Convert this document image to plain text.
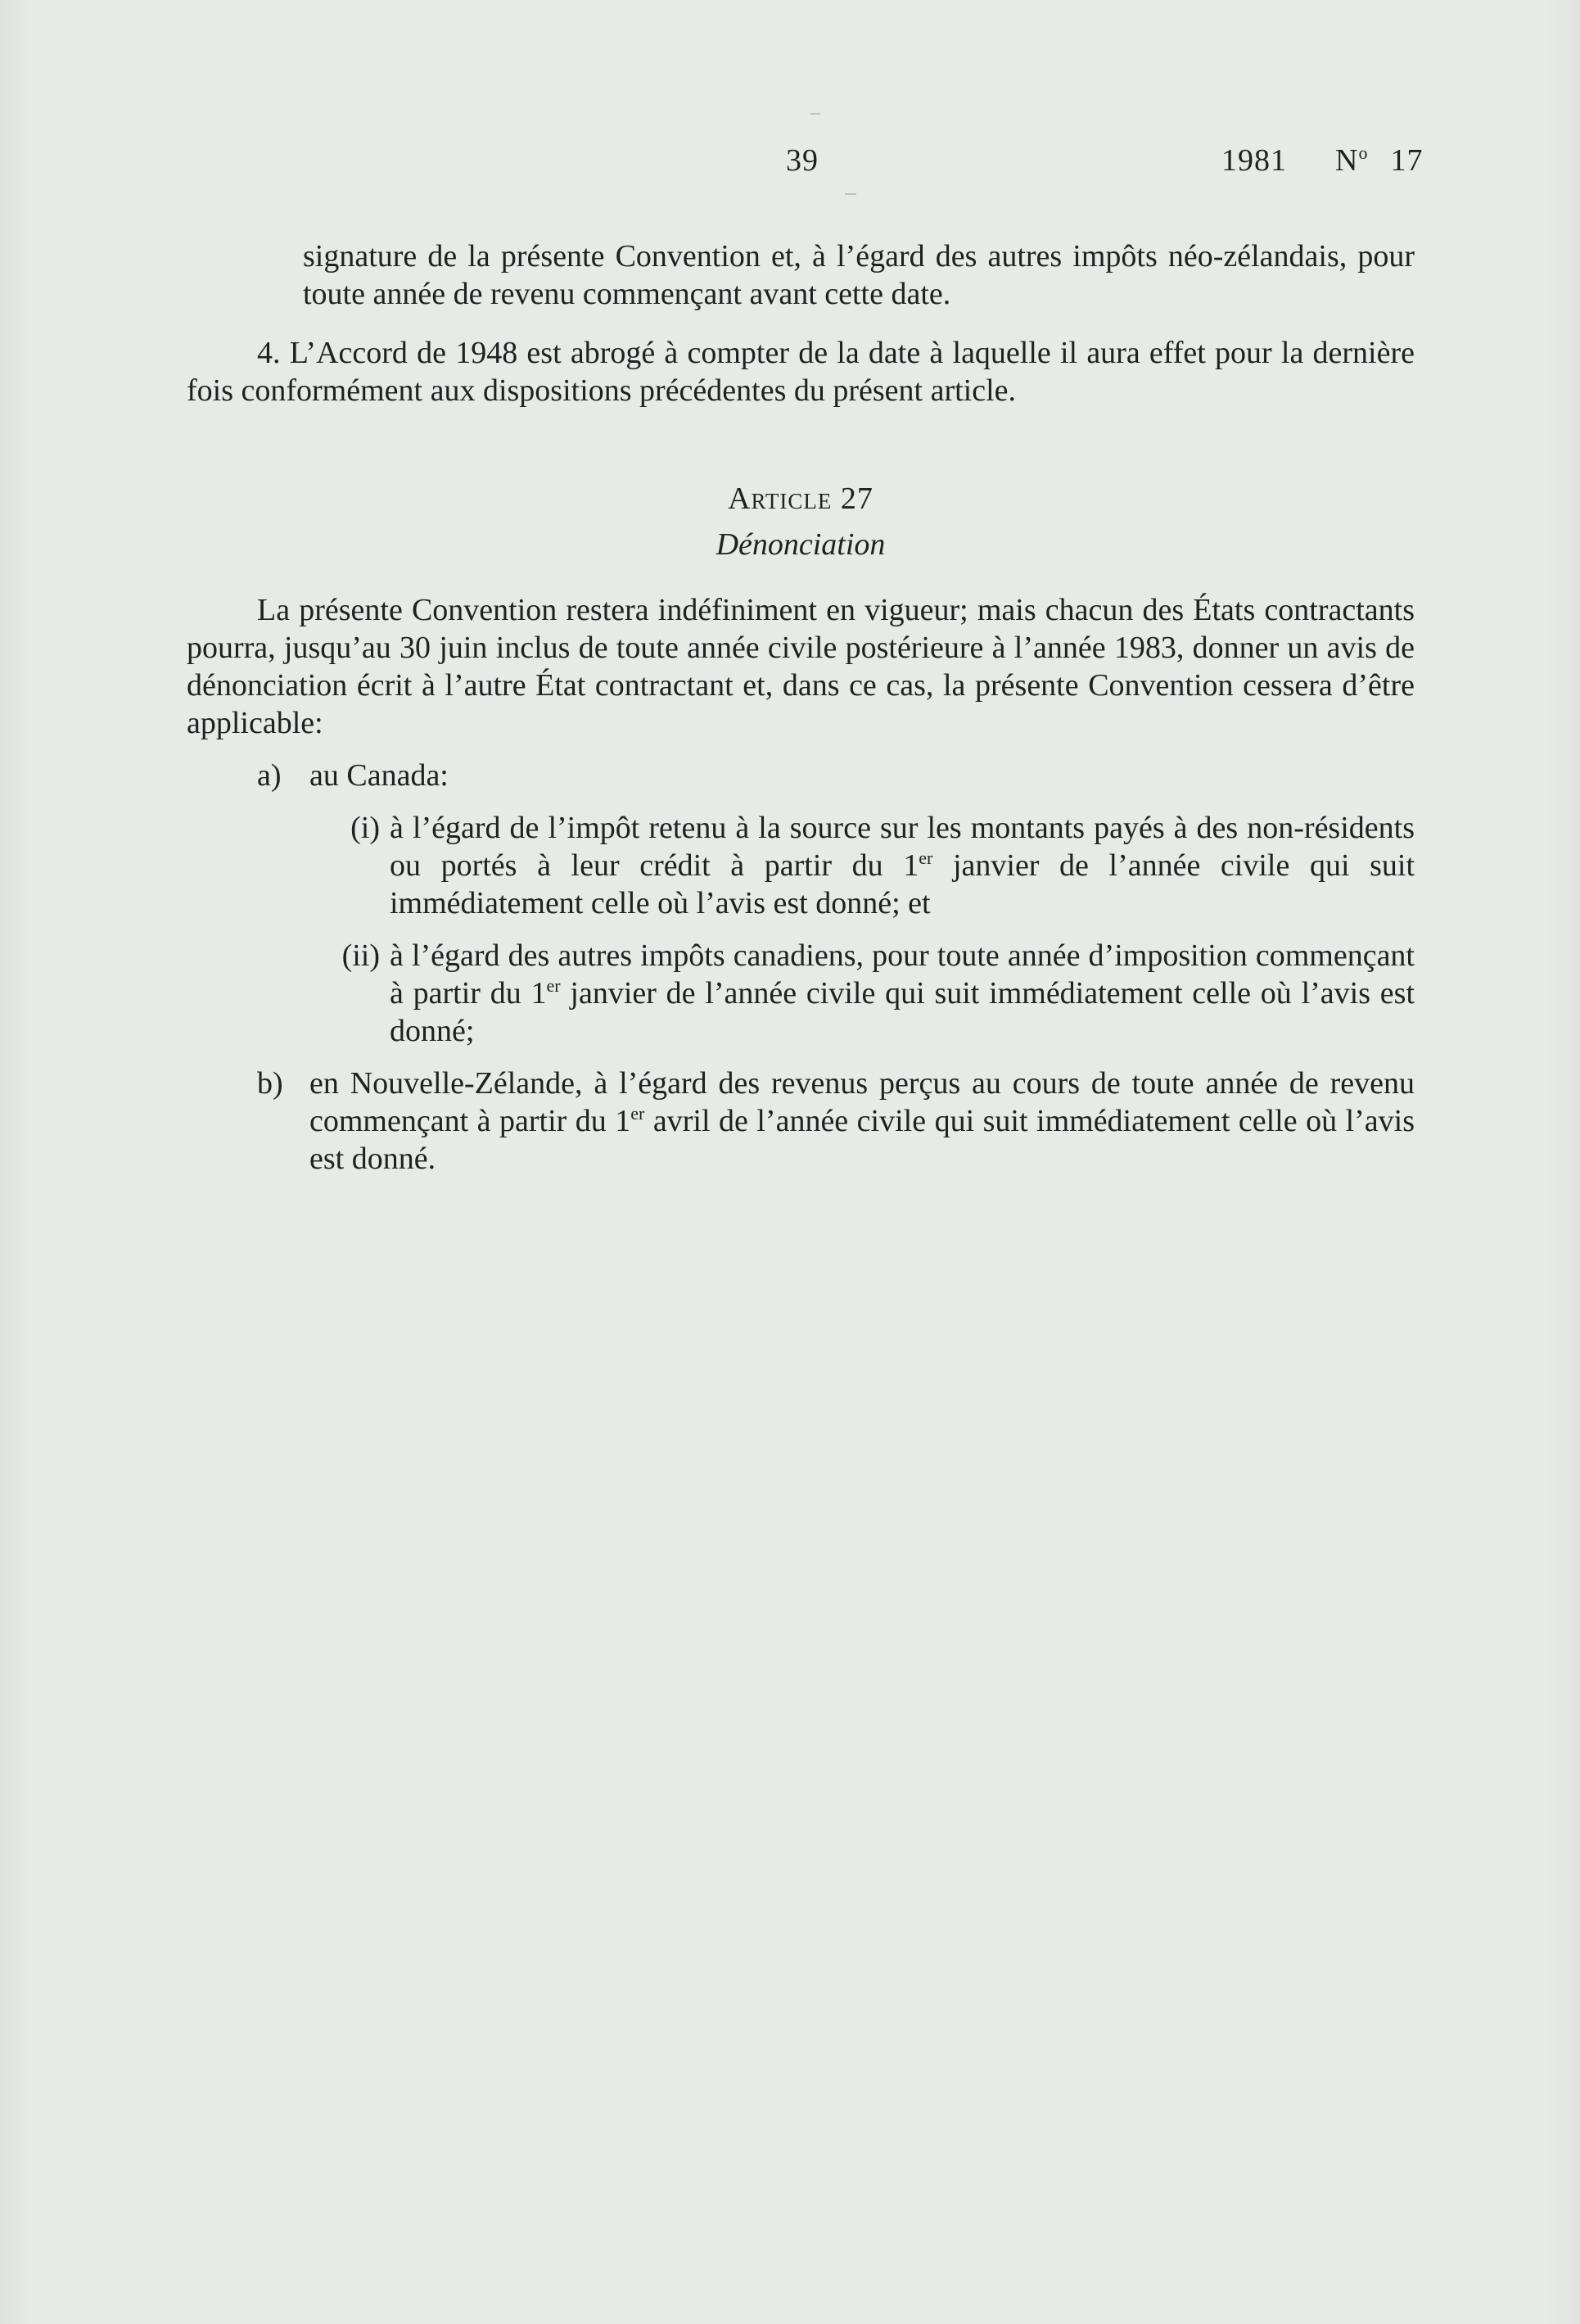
39	1981 $N^o$ 17

signature de la présente Convention et, à l’égard des autres impôts néo-zélandais, pour toute année de revenu commençant avant cette date.

4. L’Accord de 1948 est abrogé à compter de la date à laquelle il aura effet pour la dernière fois conformément aux dispositions précédentes du présent article.

Article 27
Dénonciation

La présente Convention restera indéfiniment en vigueur; mais chacun des États contractants pourra, jusqu’au 30 juin inclus de toute année civile postérieure à l’année 1983, donner un avis de dénonciation écrit à l’autre État contractant et, dans ce cas, la présente Convention cessera d’être applicable:

a) au Canada:
(i) à l’égard de l’impôt retenu à la source sur les montants payés à des non-résidents ou portés à leur crédit à partir du 1er janvier de l’année civile qui suit immédiatement celle où l’avis est donné; et
(ii) à l’égard des autres impôts canadiens, pour toute année d’imposition commençant à partir du 1er janvier de l’année civile qui suit immédiatement celle où l’avis est donné;
b) en Nouvelle-Zélande, à l’égard des revenus perçus au cours de toute année de revenu commençant à partir du 1er avril de l’année civile qui suit immédiatement celle où l’avis est donné.
